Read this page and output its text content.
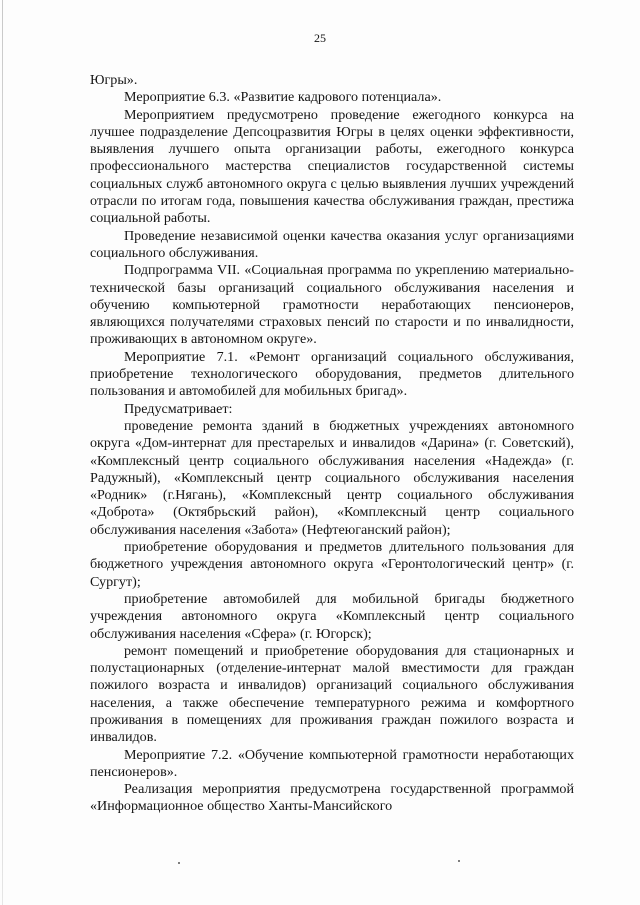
25

Югры».

Мероприятие 6.3. «Развитие кадрового потенциала».

Мероприятием предусмотрено проведение ежегодного конкурса на лучшее подразделение Депсоцразвития Югры в целях оценки эффективности, выявления лучшего опыта организации работы, ежегодного конкурса профессионального мастерства специалистов государственной системы социальных служб автономного округа с целью выявления лучших учреждений отрасли по итогам года, повышения качества обслуживания граждан, престижа социальной работы.

Проведение независимой оценки качества оказания услуг организациями социального обслуживания.

Подпрограмма VII. «Социальная программа по укреплению материально-технической базы организаций социального обслуживания населения и обучению компьютерной грамотности неработающих пенсионеров, являющихся получателями страховых пенсий по старости и по инвалидности, проживающих в автономном округе».

Мероприятие 7.1. «Ремонт организаций социального обслуживания, приобретение технологического оборудования, предметов длительного пользования и автомобилей для мобильных бригад».

Предусматривает:

проведение ремонта зданий в бюджетных учреждениях автономного округа «Дом-интернат для престарелых и инвалидов «Дарина» (г. Советский), «Комплексный центр социального обслуживания населения «Надежда» (г. Радужный), «Комплексный центр социального обслуживания населения «Родник» (г.Нягань), «Комплексный центр социального обслуживания «Доброта» (Октябрьский район), «Комплексный центр социального обслуживания населения «Забота» (Нефтеюганский район);

приобретение оборудования и предметов длительного пользования для бюджетного учреждения автономного округа «Геронтологический центр» (г. Сургут);

приобретение автомобилей для мобильной бригады бюджетного учреждения автономного округа «Комплексный центр социального обслуживания населения «Сфера» (г. Югорск);

ремонт помещений и приобретение оборудования для стационарных и полустационарных (отделение-интернат малой вместимости для граждан пожилого возраста и инвалидов) организаций социального обслуживания населения, а также обеспечение температурного режима и комфортного проживания в помещениях для проживания граждан пожилого возраста и инвалидов.

Мероприятие 7.2. «Обучение компьютерной грамотности неработающих пенсионеров».

Реализация мероприятия предусмотрена государственной программой «Информационное общество Ханты-Мансийского
